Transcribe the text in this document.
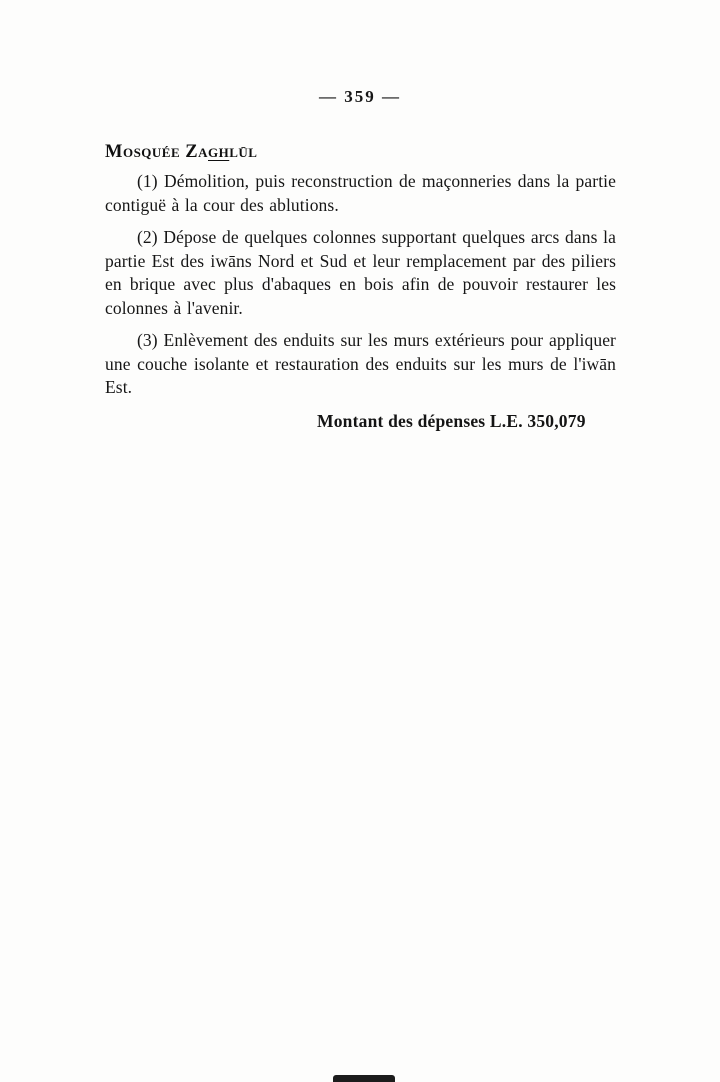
— 359 —
Mosquée Zaghlūl

(1) Démolition, puis reconstruction de maçonneries dans la partie contiguë à la cour des ablutions.

(2) Dépose de quelques colonnes supportant quelques arcs dans la partie Est des iwāns Nord et Sud et leur remplacement par des piliers en brique avec plus d'abaques en bois afin de pouvoir restaurer les colonnes à l'avenir.

(3) Enlèvement des enduits sur les murs extérieurs pour appliquer une couche isolante et restauration des enduits sur les murs de l'iwān Est.

Montant des dépenses L.E. 350,079
